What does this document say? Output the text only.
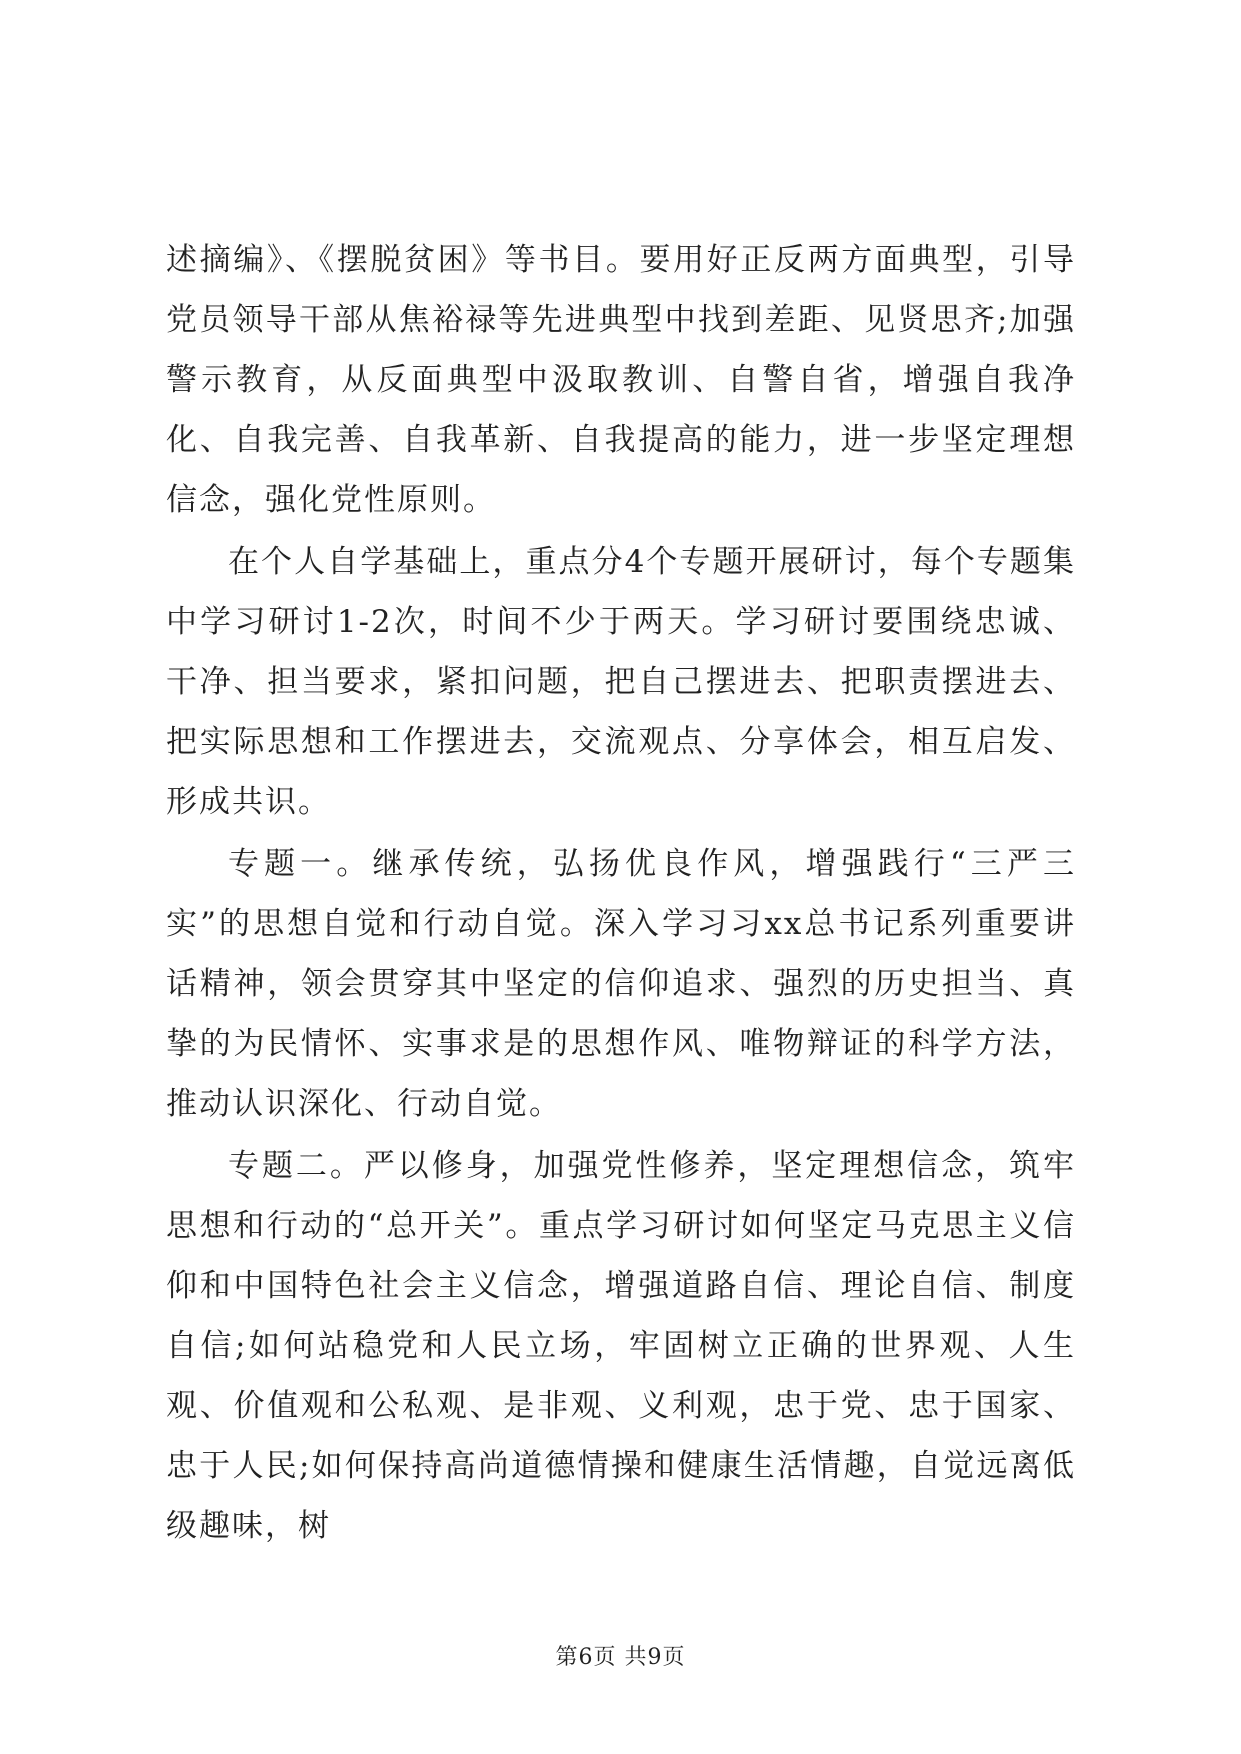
述摘编》、《摆脱贫困》等书目。要用好正反两方面典型，引导党员领导干部从焦裕禄等先进典型中找到差距、见贤思齐;加强警示教育，从反面典型中汲取教训、自警自省，增强自我净化、自我完善、自我革新、自我提高的能力，进一步坚定理想信念，强化党性原则。

在个人自学基础上，重点分4个专题开展研讨，每个专题集中学习研讨1-2次，时间不少于两天。学习研讨要围绕忠诚、干净、担当要求，紧扣问题，把自己摆进去、把职责摆进去、把实际思想和工作摆进去，交流观点、分享体会，相互启发、形成共识。

专题一。继承传统，弘扬优良作风，增强践行“三严三实”的思想自觉和行动自觉。深入学习习xx总书记系列重要讲话精神，领会贯穿其中坚定的信仰追求、强烈的历史担当、真挚的为民情怀、实事求是的思想作风、唯物辩证的科学方法，推动认识深化、行动自觉。

专题二。严以修身，加强党性修养，坚定理想信念，筑牢思想和行动的“总开关”。重点学习研讨如何坚定马克思主义信仰和中国特色社会主义信念，增强道路自信、理论自信、制度自信;如何站稳党和人民立场，牢固树立正确的世界观、人生观、价值观和公私观、是非观、义利观，忠于党、忠于国家、忠于人民;如何保持高尚道德情操和健康生活情趣，自觉远离低级趣味，树

第6页 共9页
